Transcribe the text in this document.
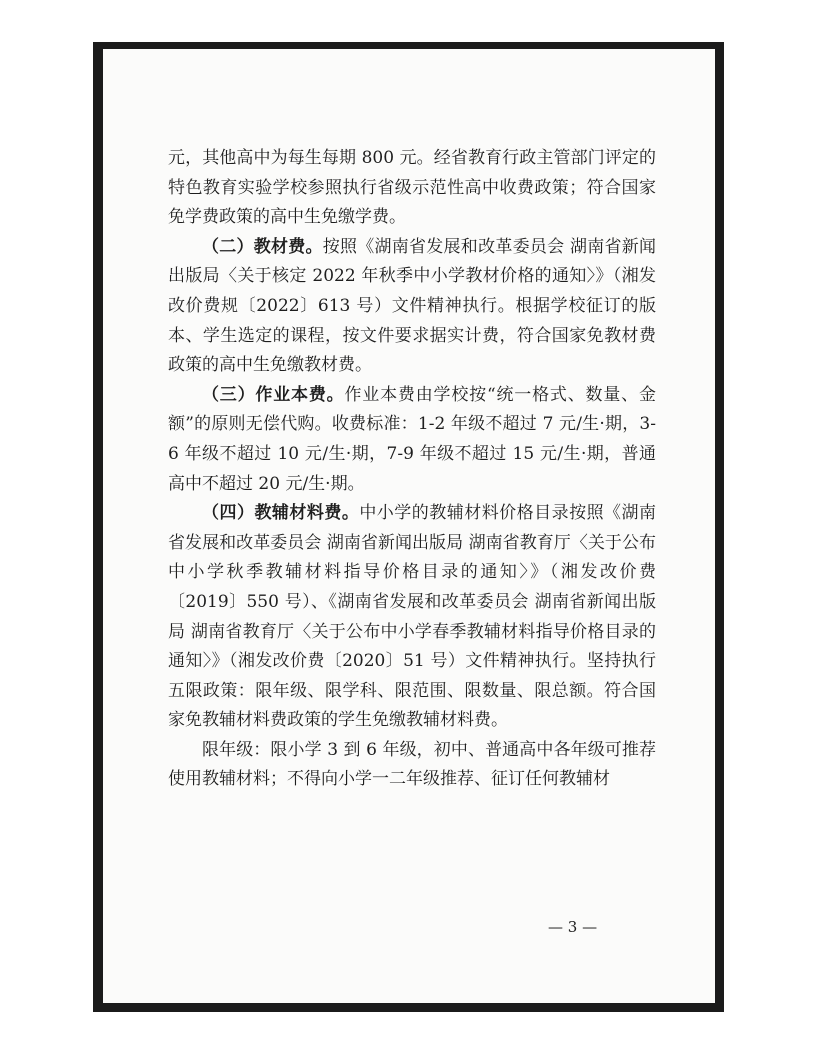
元，其他高中为每生每期 800 元。经省教育行政主管部门评定的特色教育实验学校参照执行省级示范性高中收费政策；符合国家免学费政策的高中生免缴学费。

（二）教材费。按照《湖南省发展和改革委员会 湖南省新闻出版局〈关于核定 2022 年秋季中小学教材价格的通知〉》（湘发改价费规〔2022〕613 号）文件精神执行。根据学校征订的版本、学生选定的课程，按文件要求据实计费，符合国家免教材费政策的高中生免缴教材费。

（三）作业本费。作业本费由学校按“统一格式、数量、金额”的原则无偿代购。收费标准：1-2 年级不超过 7 元/生·期，3-6 年级不超过 10 元/生·期，7-9 年级不超过 15 元/生·期，普通高中不超过 20 元/生·期。

（四）教辅材料费。中小学的教辅材料价格目录按照《湖南省发展和改革委员会 湖南省新闻出版局 湖南省教育厅〈关于公布中小学秋季教辅材料指导价格目录的通知〉》（湘发改价费〔2019〕550 号）、《湖南省发展和改革委员会 湖南省新闻出版局 湖南省教育厅〈关于公布中小学春季教辅材料指导价格目录的通知〉》（湘发改价费〔2020〕51 号）文件精神执行。坚持执行五限政策：限年级、限学科、限范围、限数量、限总额。符合国家免教辅材料费政策的学生免缴教辅材料费。

限年级：限小学 3 到 6 年级，初中、普通高中各年级可推荐使用教辅材料；不得向小学一二年级推荐、征订任何教辅材

— 3 —
